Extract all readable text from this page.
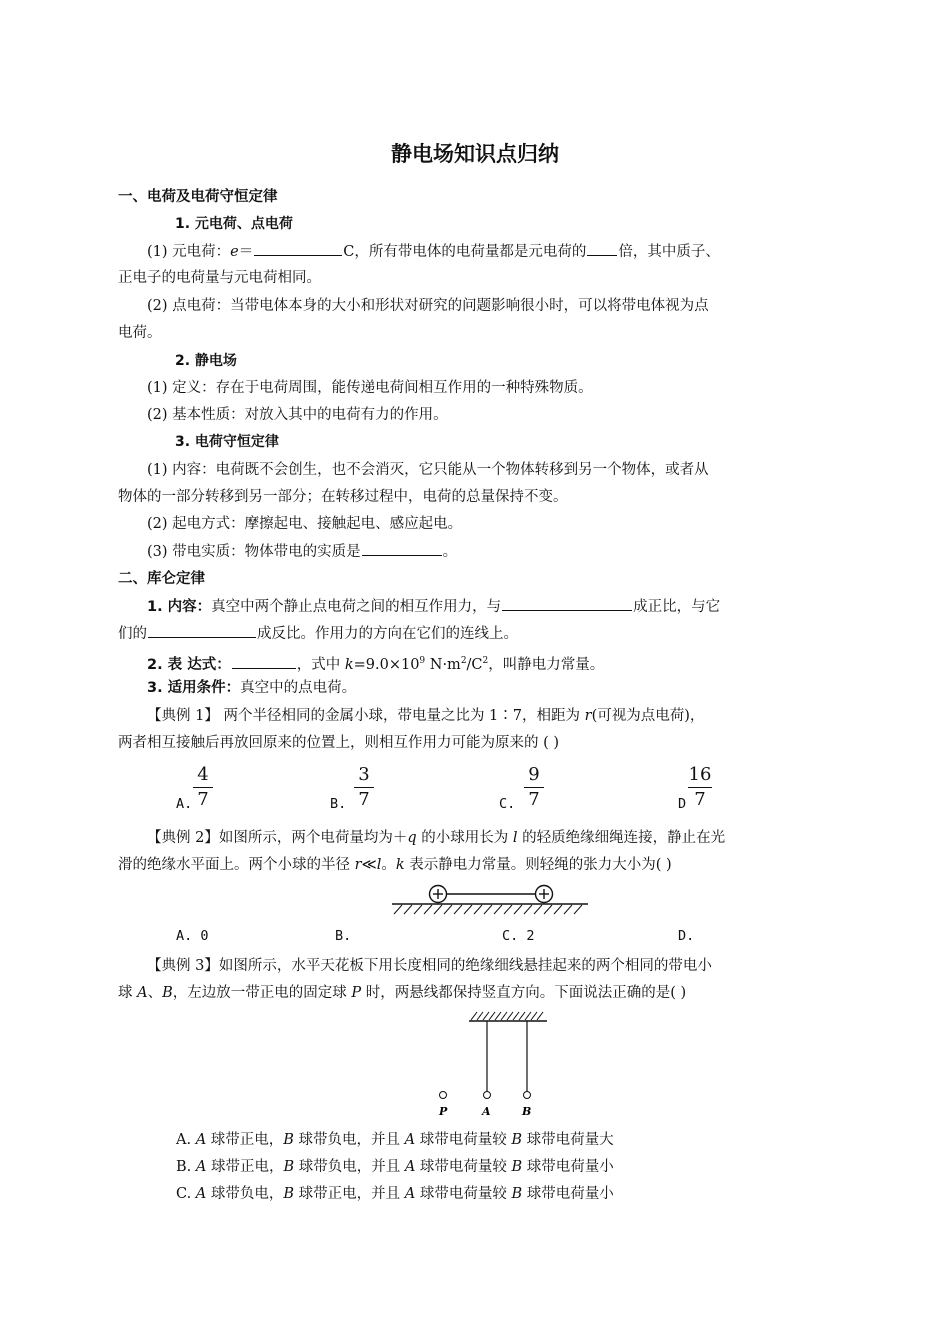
静电场知识点归纳
一、电荷及电荷守恒定律
1. 元电荷、点电荷
(1) 元电荷：e＝	C，所有带电体的电荷量都是元电荷的 倍，其中质子、
正电子的电荷量与元电荷相同。
(2) 点电荷：当带电体本身的大小和形状对研究的问题影响很小时，可以将带电体视为点
电荷。
2. 静电场
(1) 定义：存在于电荷周围，能传递电荷间相互作用的一种特殊物质。
(2) 基本性质：对放入其中的电荷有力的作用。
3. 电荷守恒定律
(1) 内容：电荷既不会创生，也不会消灭，它只能从一个物体转移到另一个物体，或者从
物体的一部分转移到另一部分；在转移过程中，电荷的总量保持不变。
(2) 起电方式：摩擦起电、接触起电、感应起电。
(3) 带电实质：物体带电的实质是	。
二、库仑定律
1. 内容：真空中两个静止点电荷之间的相互作用力，与	成正比，与它
们的	成反比。作用力的方向在它们的连线上。
2. 表 达式：	，式中 $k=9.0\times 10^9$ $N\cdot m^2/C^2$，叫静电力常量。
3. 适用条件：真空中的点电荷。
【典例 1】 两个半径相同的金属小球，带电量之比为 1∶7，相距为 r(可视为点电荷)，
两者相互接触后再放回原来的位置上，则相互作用力可能为原来的 ( )
A.
4
7	B.
3
7	C.
9
7	D
16
7
【典例 2】如图所示，两个电荷量均为＋q 的小球用长为 l 的轻质绝缘细绳连接，静止在光
滑的绝缘水平面上。两个小球的半径 r≪l。k 表示静电力常量。则轻绳的张力大小为( )
A. 0	B.	C. 2	D.
【典例 3】如图所示，水平天花板下用长度相同的绝缘细线悬挂起来的两个相同的带电小
球 A、B，左边放一带正电的固定球 P 时，两悬线都保持竖直方向。下面说法正确的是( )
P	A	B
A. A 球带正电，B 球带负电，并且 A 球带电荷量较 B 球带电荷量大
B. A 球带正电，B 球带负电，并且 A 球带电荷量较 B 球带电荷量小
C. A 球带负电，B 球带正电，并且 A 球带电荷量较 B 球带电荷量小
